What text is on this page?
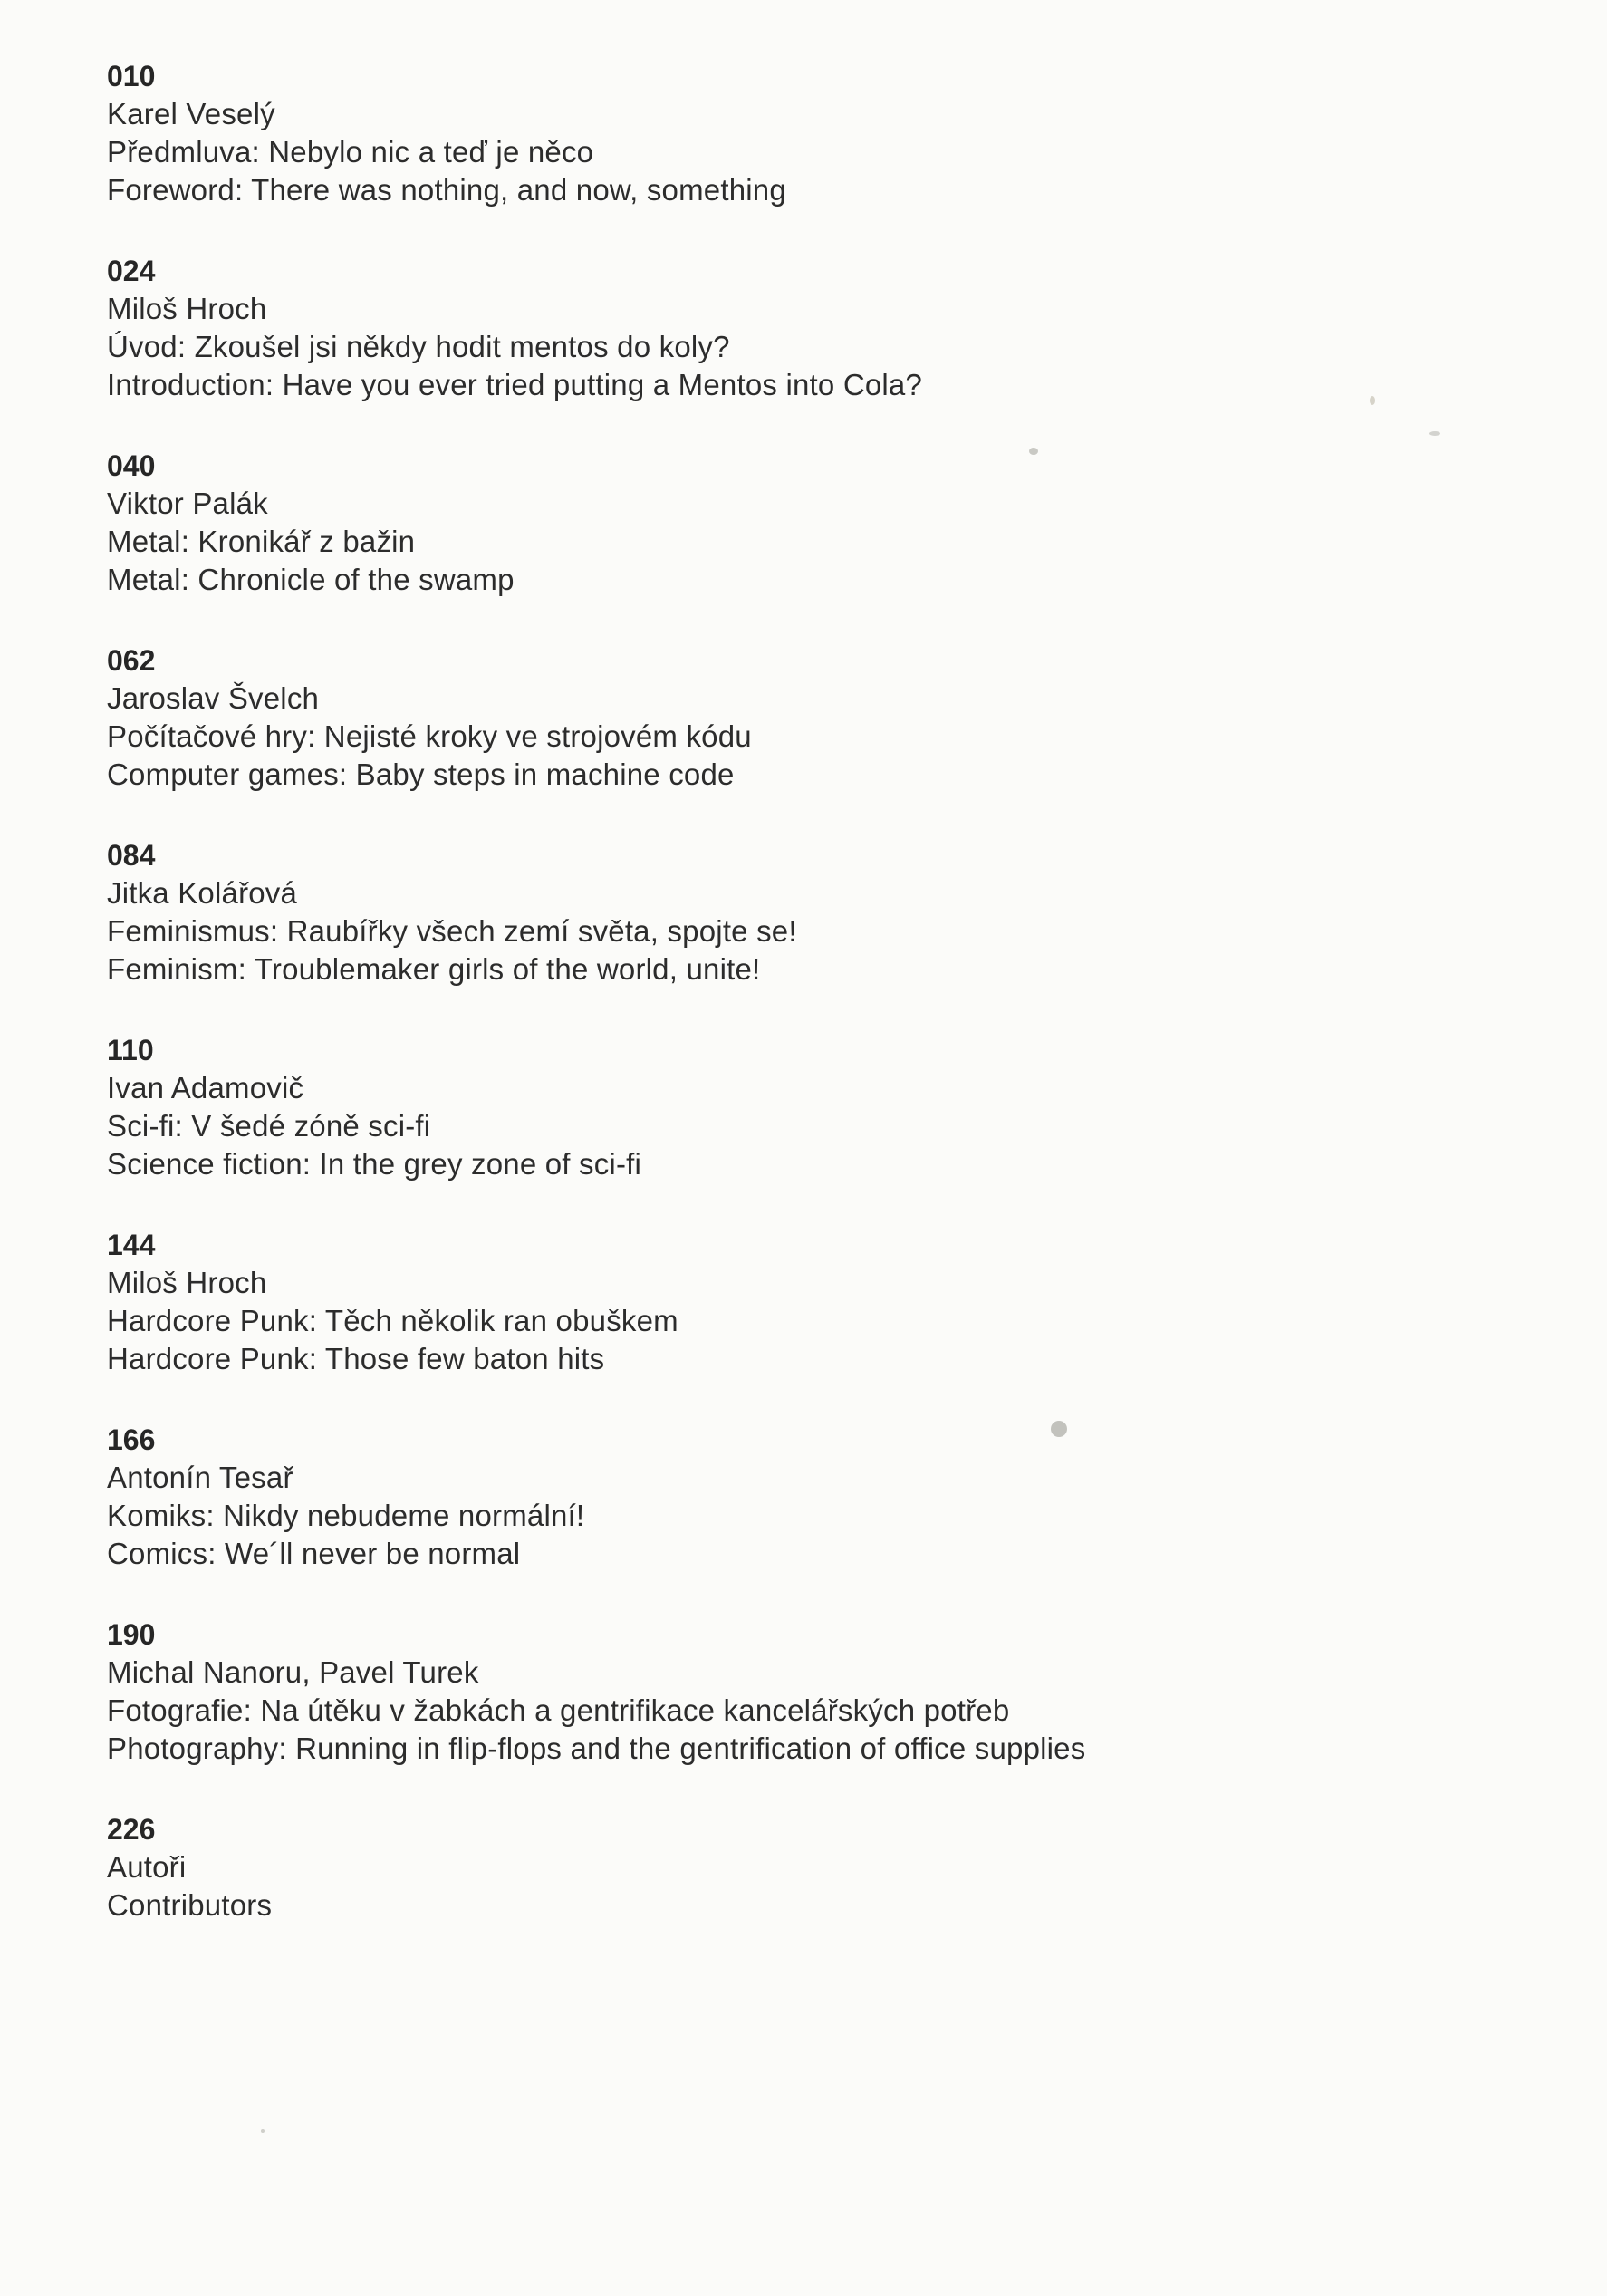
010
Karel Veselý
Předmluva: Nebylo nic a teď je něco
Foreword: There was nothing, and now, something
024
Miloš Hroch
Úvod: Zkoušel jsi někdy hodit mentos do koly?
Introduction: Have you ever tried putting a Mentos into Cola?
040
Viktor Palák
Metal: Kronikář z bažin
Metal: Chronicle of the swamp
062
Jaroslav Švelch
Počítačové hry: Nejisté kroky ve strojovém kódu
Computer games: Baby steps in machine code
084
Jitka Kolářová
Feminismus: Raubířky všech zemí světa, spojte se!
Feminism: Troublemaker girls of the world, unite!
110
Ivan Adamovič
Sci-fi: V šedé zóně sci-fi
Science fiction: In the grey zone of sci-fi
144
Miloš Hroch
Hardcore Punk: Těch několik ran obuškem
Hardcore Punk: Those few baton hits
166
Antonín Tesař
Komiks: Nikdy nebudeme normální!
Comics: We´ll never be normal
190
Michal Nanoru, Pavel Turek
Fotografie: Na útěku v žabkách a gentrifikace kancelářských potřeb
Photography: Running in flip-flops and the gentrification of office supplies
226
Autoři
Contributors
